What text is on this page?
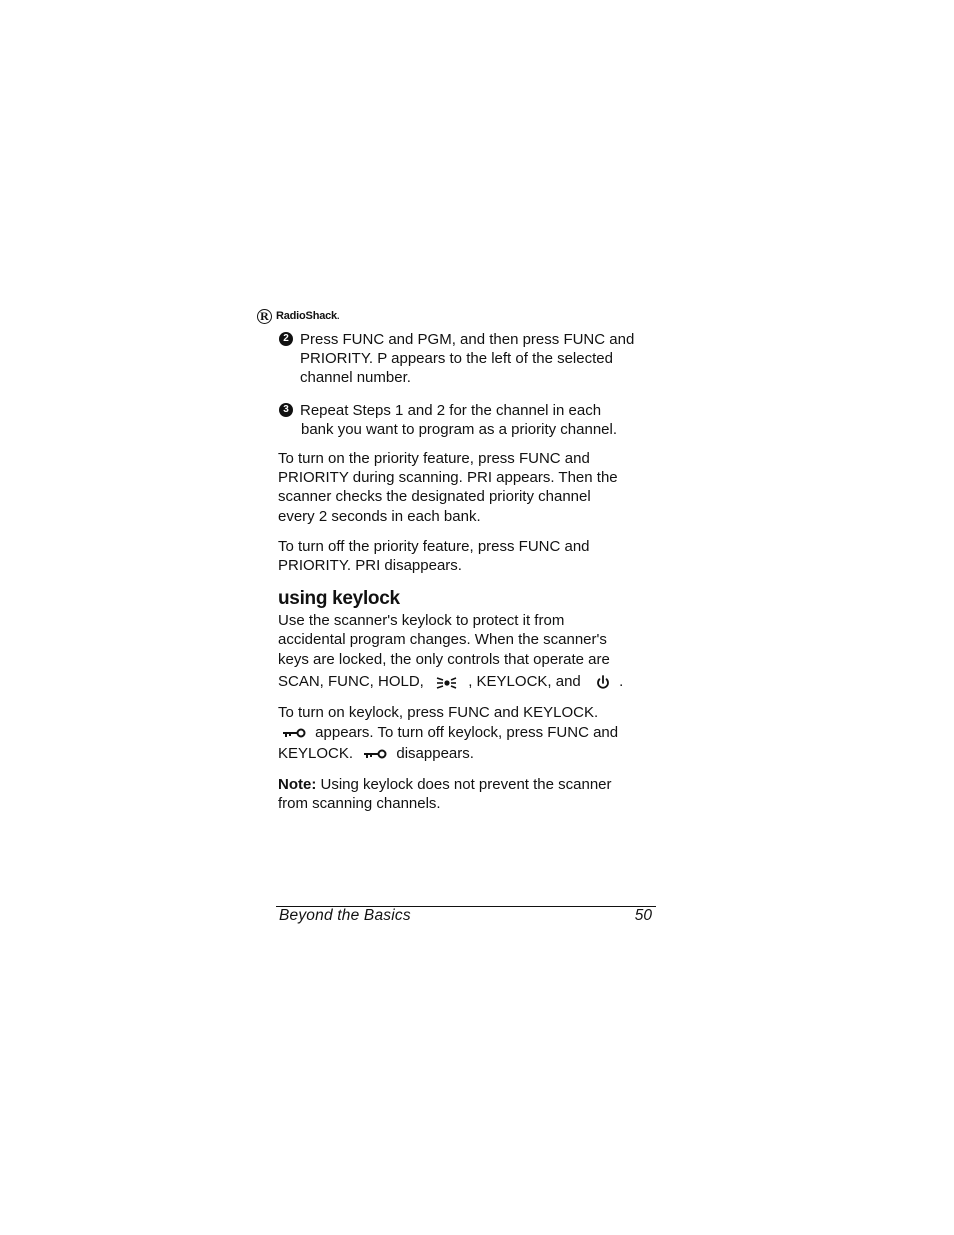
R RadioShack.
2 Press FUNC and PGM, and then press FUNC and
PRIORITY. P appears to the left of the selected
channel number.
3 Repeat Steps 1 and 2 for the channel in each
bank you want to program as a priority channel.

To turn on the priority feature, press FUNC and
PRIORITY during scanning. PRI appears. Then the
scanner checks the designated priority channel
every 2 seconds in each bank.

To turn off the priority feature, press FUNC and
PRIORITY. PRI disappears.

using keylock

Use the scanner's keylock to protect it from
accidental program changes. When the scanner's
keys are locked, the only controls that operate are
SCAN, FUNC, HOLD,	, KEYLOCK, and	.

To turn on keylock, press FUNC and KEYLOCK.
appears. To turn off keylock, press FUNC and
KEYLOCK.	disappears.

Note: Using keylock does not prevent the scanner
from scanning channels.

Beyond the Basics	50
